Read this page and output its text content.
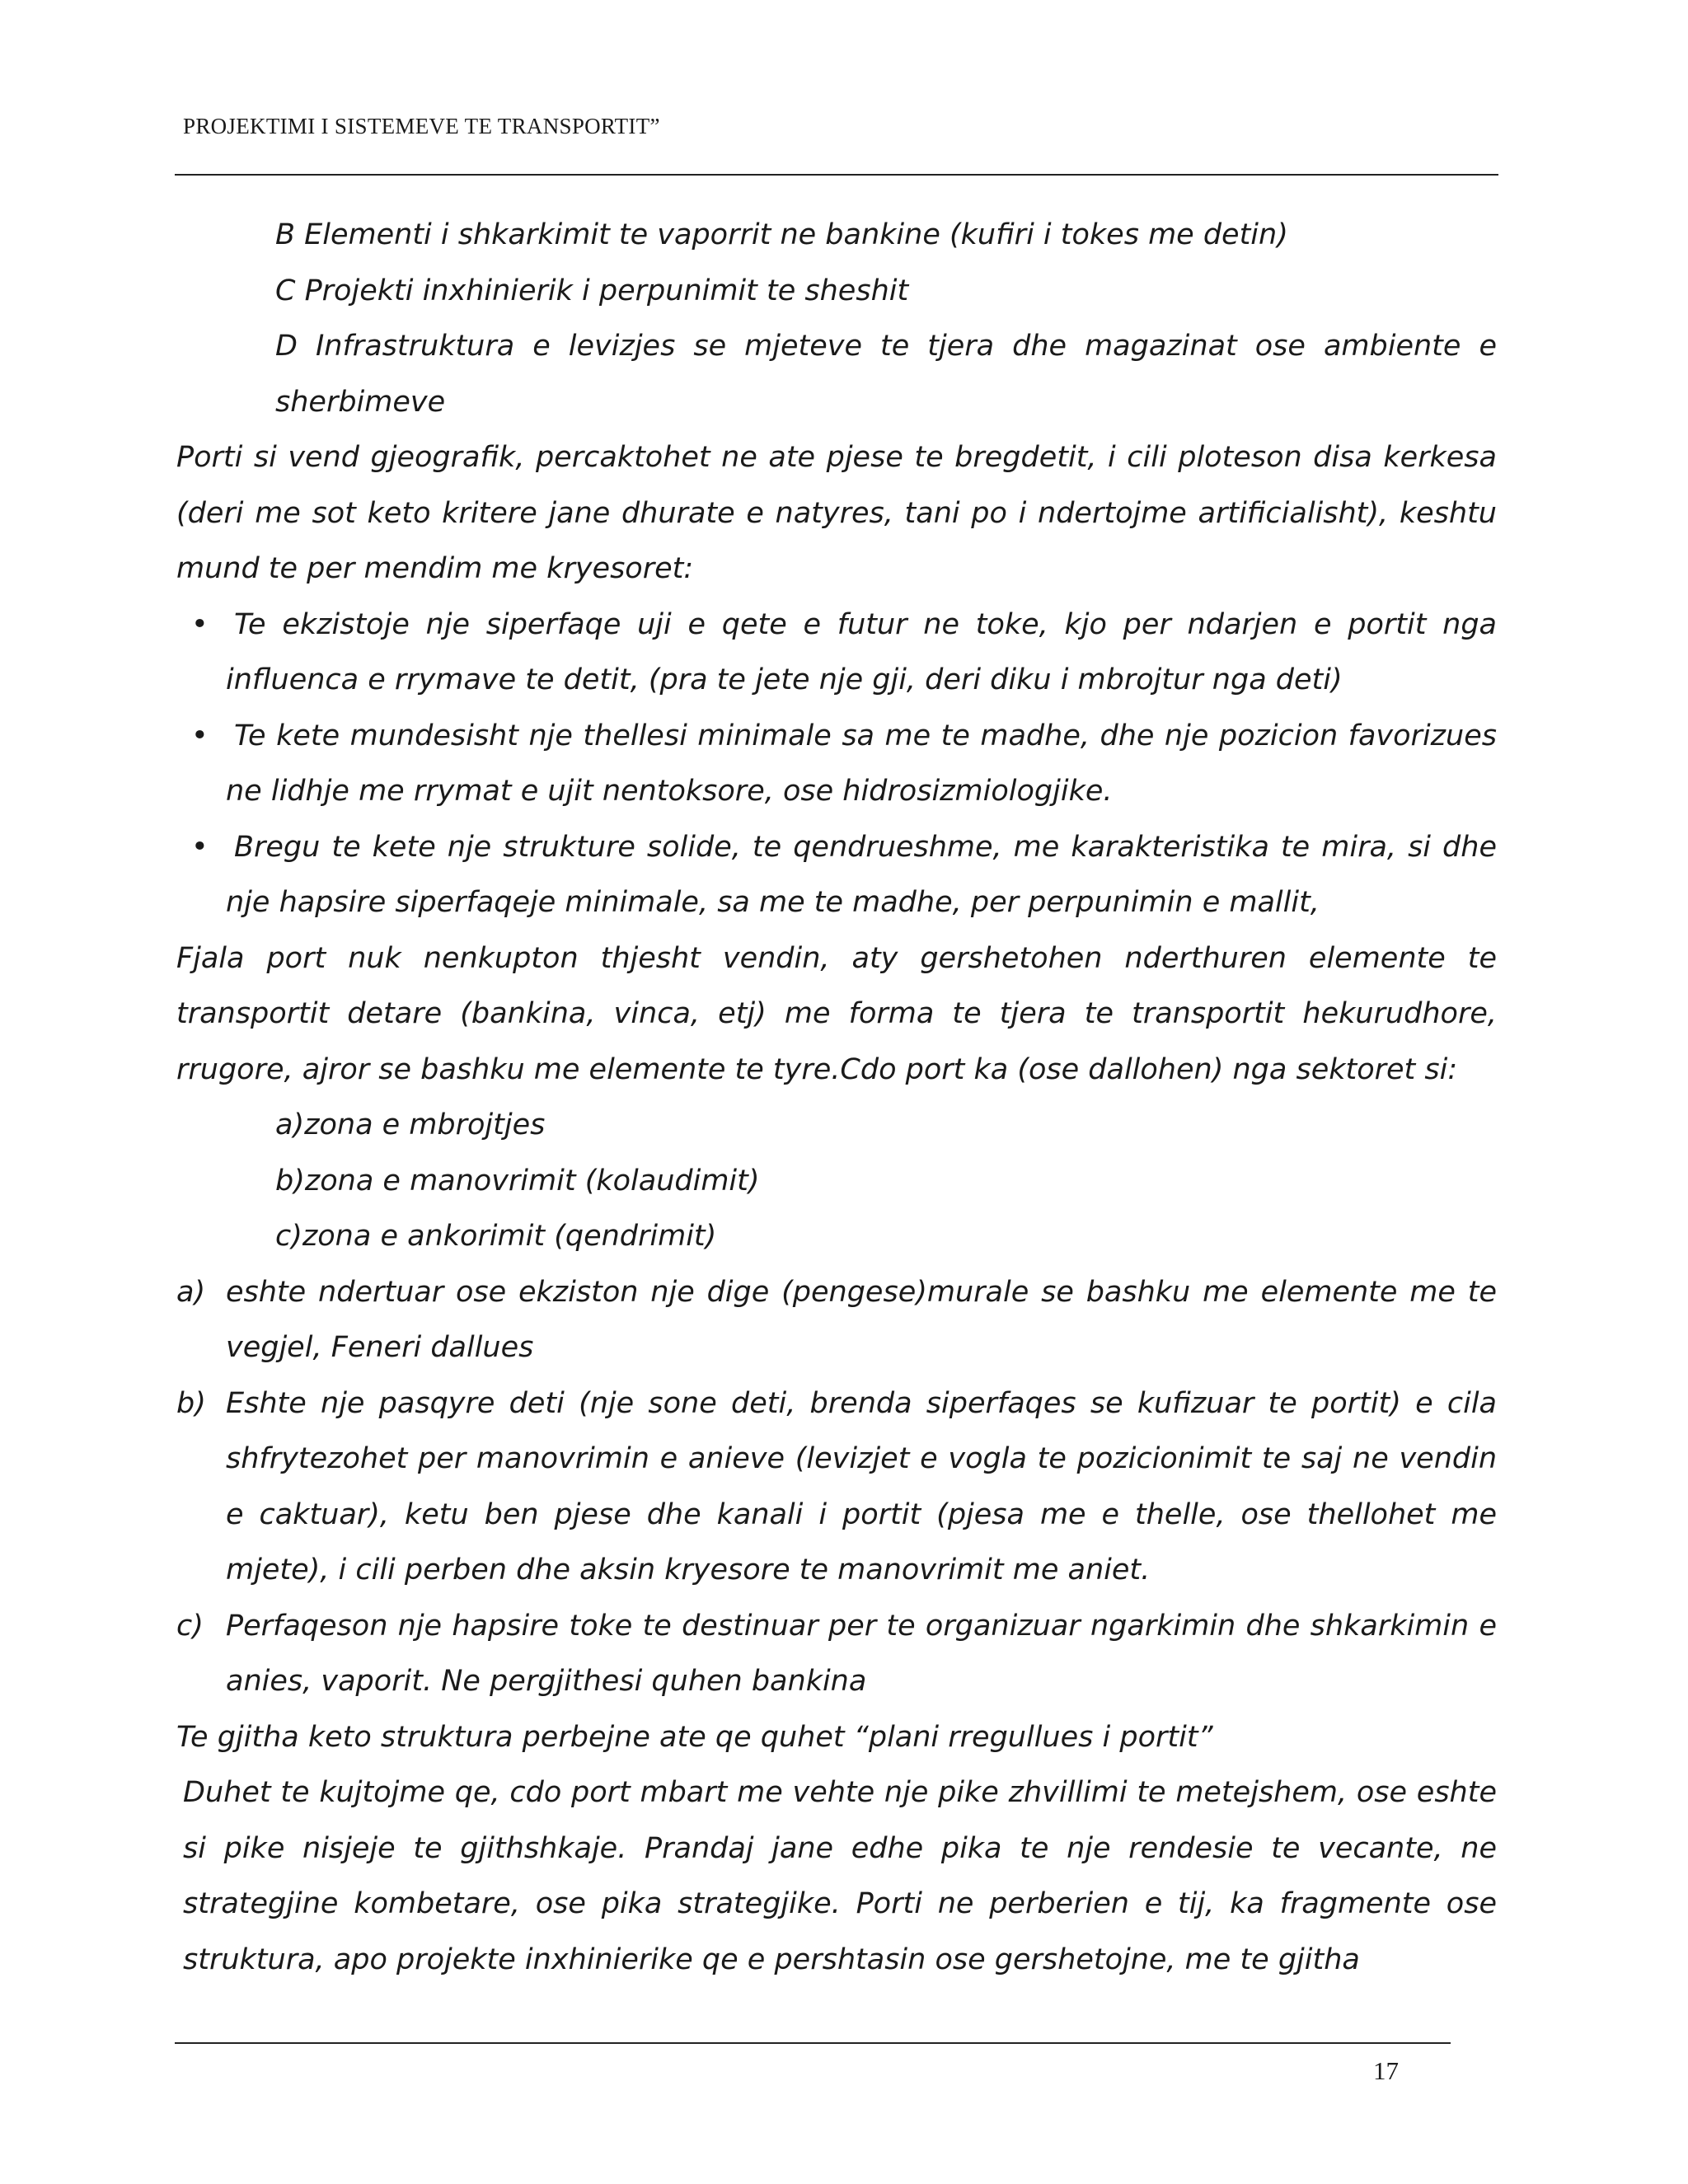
PROJEKTIMI I SISTEMEVE TE TRANSPORTIT”

B Elementi i shkarkimit te vaporrit ne bankine (kufiri i tokes me detin)

C Projekti inxhinierik i perpunimit te sheshit

D Infrastruktura e levizjes se mjeteve te tjera dhe magazinat ose ambiente e sherbimeve

Porti si vend gjeografik, percaktohet ne ate pjese te bregdetit, i cili ploteson disa kerkesa (deri me sot keto kritere jane dhurate e natyres, tani po i ndertojme artificialisht), keshtu mund te per mendim me kryesoret:

• Te ekzistoje nje siperfaqe uji e qete e futur ne toke, kjo per ndarjen e portit nga influenca e rrymave te detit, (pra te jete nje gji, deri diku i mbrojtur nga deti)
• Te kete mundesisht nje thellesi minimale sa me te madhe, dhe nje pozicion favorizues ne lidhje me rrymat e ujit nentoksore, ose hidrosizmiologjike.
• Bregu te kete nje strukture solide, te qendrueshme, me karakteristika te mira, si dhe nje hapsire siperfaqeje minimale, sa me te madhe, per perpunimin e mallit,

Fjala port nuk nenkupton thjesht vendin, aty gershetohen nderthuren elemente te transportit detare (bankina, vinca, etj) me forma te tjera te transportit hekurudhore, rrugore, ajror se bashku me elemente te tyre.Cdo port ka (ose dallohen) nga sektoret si:

a)zona e mbrojtjes

b)zona e manovrimit (kolaudimit)

c)zona e ankorimit (qendrimit)

a) eshte ndertuar ose ekziston nje dige (pengese)murale se bashku me elemente me te vegjel, Feneri dallues
b) Eshte nje pasqyre deti (nje sone deti, brenda siperfaqes se kufizuar te portit) e cila shfrytezohet per manovrimin e anieve (levizjet e vogla te pozicionimit te saj ne vendin e caktuar), ketu ben pjese dhe kanali i portit (pjesa me e thelle, ose thellohet me mjete), i cili perben dhe aksin kryesore te manovrimit me aniet.
c) Perfaqeson nje hapsire toke te destinuar per te organizuar ngarkimin dhe shkarkimin e anies, vaporit. Ne pergjithesi quhen bankina

Te gjitha keto struktura perbejne ate qe quhet “plani rregullues i portit”

Duhet te kujtojme qe, cdo port mbart me vehte nje pike zhvillimi te metejshem, ose eshte si pike nisjeje te gjithshkaje. Prandaj jane edhe pika te nje rendesie te vecante, ne strategjine kombetare, ose pika strategjike. Porti ne perberien e tij, ka fragmente ose struktura, apo projekte inxhinierike qe e pershtasin ose gershetojne, me te gjitha

17
